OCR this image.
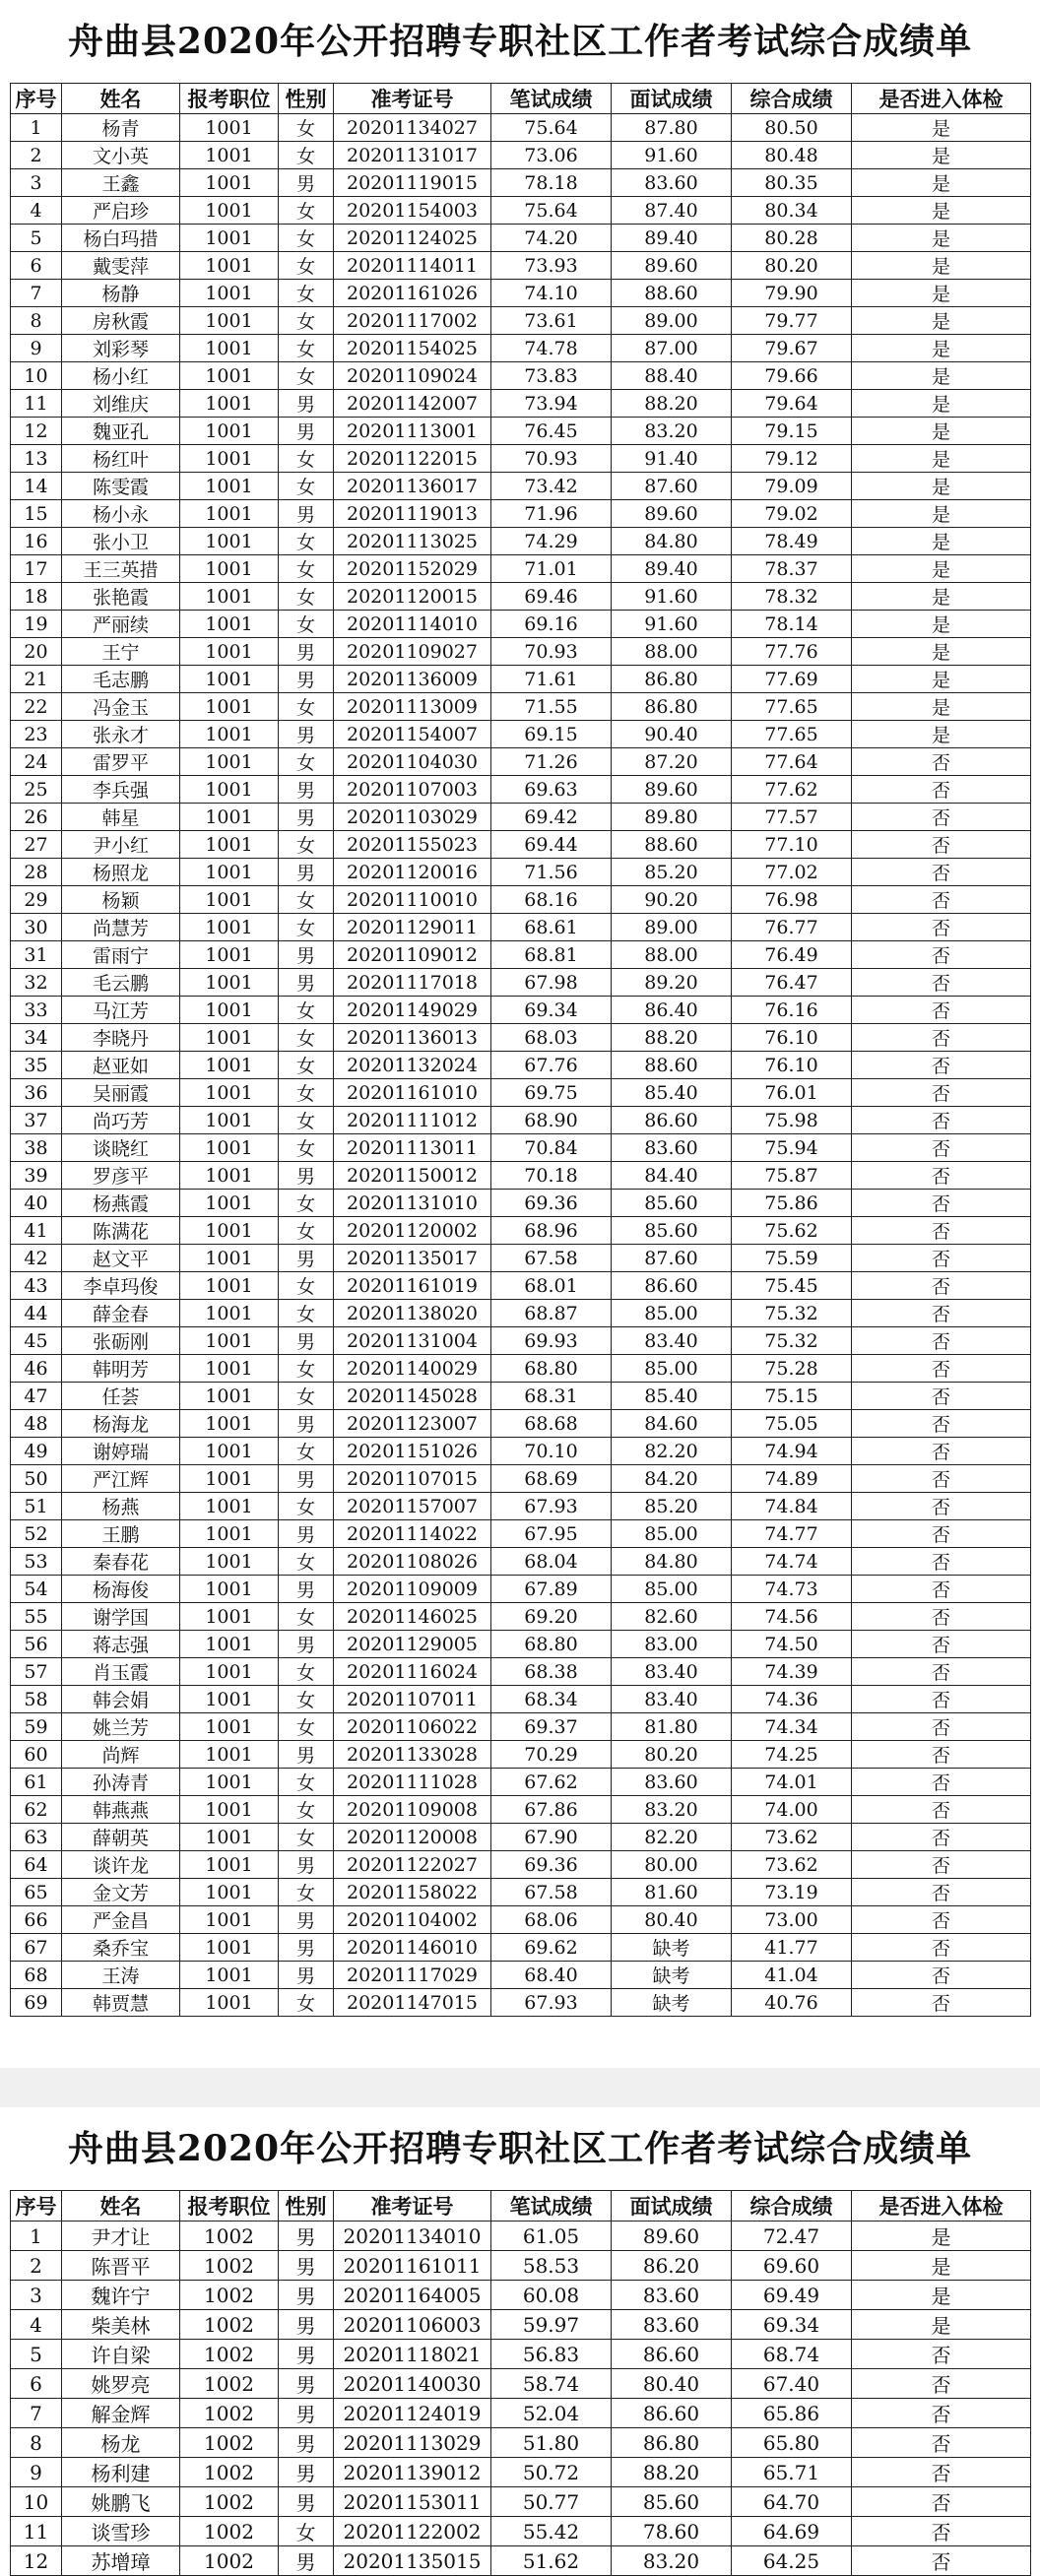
舟曲县2020年公开招聘专职社区工作者考试综合成绩单
序号	姓名	报考职位	性别	准考证号	笔试成绩	面试成绩	综合成绩	是否进入体检
1	杨青	1001	女	20201134027	75.64	87.80	80.50	是
2	文小英	1001	女	20201131017	73.06	91.60	80.48	是
3	王鑫	1001	男	20201119015	78.18	83.60	80.35	是
4	严启珍	1001	女	20201154003	75.64	87.40	80.34	是
5	杨白玛措	1001	女	20201124025	74.20	89.40	80.28	是
6	戴雯萍	1001	女	20201114011	73.93	89.60	80.20	是
7	杨静	1001	女	20201161026	74.10	88.60	79.90	是
8	房秋霞	1001	女	20201117002	73.61	89.00	79.77	是
9	刘彩琴	1001	女	20201154025	74.78	87.00	79.67	是
10	杨小红	1001	女	20201109024	73.83	88.40	79.66	是
11	刘维庆	1001	男	20201142007	73.94	88.20	79.64	是
12	魏亚孔	1001	男	20201113001	76.45	83.20	79.15	是
13	杨红叶	1001	女	20201122015	70.93	91.40	79.12	是
14	陈雯霞	1001	女	20201136017	73.42	87.60	79.09	是
15	杨小永	1001	男	20201119013	71.96	89.60	79.02	是
16	张小卫	1001	女	20201113025	74.29	84.80	78.49	是
17	王三英措	1001	女	20201152029	71.01	89.40	78.37	是
18	张艳霞	1001	女	20201120015	69.46	91.60	78.32	是
19	严丽续	1001	女	20201114010	69.16	91.60	78.14	是
20	王宁	1001	男	20201109027	70.93	88.00	77.76	是
21	毛志鹏	1001	男	20201136009	71.61	86.80	77.69	是
22	冯金玉	1001	女	20201113009	71.55	86.80	77.65	是
23	张永才	1001	男	20201154007	69.15	90.40	77.65	是
24	雷罗平	1001	女	20201104030	71.26	87.20	77.64	否
25	李兵强	1001	男	20201107003	69.63	89.60	77.62	否
26	韩星	1001	男	20201103029	69.42	89.80	77.57	否
27	尹小红	1001	女	20201155023	69.44	88.60	77.10	否
28	杨照龙	1001	男	20201120016	71.56	85.20	77.02	否
29	杨颖	1001	女	20201110010	68.16	90.20	76.98	否
30	尚慧芳	1001	女	20201129011	68.61	89.00	76.77	否
31	雷雨宁	1001	男	20201109012	68.81	88.00	76.49	否
32	毛云鹏	1001	男	20201117018	67.98	89.20	76.47	否
33	马江芳	1001	女	20201149029	69.34	86.40	76.16	否
34	李晓丹	1001	女	20201136013	68.03	88.20	76.10	否
35	赵亚如	1001	女	20201132024	67.76	88.60	76.10	否
36	吴丽霞	1001	女	20201161010	69.75	85.40	76.01	否
37	尚巧芳	1001	女	20201111012	68.90	86.60	75.98	否
38	谈晓红	1001	女	20201113011	70.84	83.60	75.94	否
39	罗彦平	1001	男	20201150012	70.18	84.40	75.87	否
40	杨燕霞	1001	女	20201131010	69.36	85.60	75.86	否
41	陈满花	1001	女	20201120002	68.96	85.60	75.62	否
42	赵文平	1001	男	20201135017	67.58	87.60	75.59	否
43	李卓玛俊	1001	女	20201161019	68.01	86.60	75.45	否
44	薛金春	1001	女	20201138020	68.87	85.00	75.32	否
45	张砺刚	1001	男	20201131004	69.93	83.40	75.32	否
46	韩明芳	1001	女	20201140029	68.80	85.00	75.28	否
47	任荟	1001	女	20201145028	68.31	85.40	75.15	否
48	杨海龙	1001	男	20201123007	68.68	84.60	75.05	否
49	谢婷瑞	1001	女	20201151026	70.10	82.20	74.94	否
50	严江辉	1001	男	20201107015	68.69	84.20	74.89	否
51	杨燕	1001	女	20201157007	67.93	85.20	74.84	否
52	王鹏	1001	男	20201114022	67.95	85.00	74.77	否
53	秦春花	1001	女	20201108026	68.04	84.80	74.74	否
54	杨海俊	1001	男	20201109009	67.89	85.00	74.73	否
55	谢学国	1001	女	20201146025	69.20	82.60	74.56	否
56	蒋志强	1001	男	20201129005	68.80	83.00	74.50	否
57	肖玉霞	1001	女	20201116024	68.38	83.40	74.39	否
58	韩会娟	1001	女	20201107011	68.34	83.40	74.36	否
59	姚兰芳	1001	女	20201106022	69.37	81.80	74.34	否
60	尚辉	1001	男	20201133028	70.29	80.20	74.25	否
61	孙涛青	1001	女	20201111028	67.62	83.60	74.01	否
62	韩燕燕	1001	女	20201109008	67.86	83.20	74.00	否
63	薛朝英	1001	女	20201120008	67.90	82.20	73.62	否
64	谈许龙	1001	男	20201122027	69.36	80.00	73.62	否
65	金文芳	1001	女	20201158022	67.58	81.60	73.19	否
66	严金昌	1001	男	20201104002	68.06	80.40	73.00	否
67	桑乔宝	1001	男	20201146010	69.62	缺考	41.77	否
68	王涛	1001	男	20201117029	68.40	缺考	41.04	否
69	韩贾慧	1001	女	20201147015	67.93	缺考	40.76	否
舟曲县2020年公开招聘专职社区工作者考试综合成绩单
序号	姓名	报考职位	性别	准考证号	笔试成绩	面试成绩	综合成绩	是否进入体检
1	尹才让	1002	男	20201134010	61.05	89.60	72.47	是
2	陈晋平	1002	男	20201161011	58.53	86.20	69.60	是
3	魏许宁	1002	男	20201164005	60.08	83.60	69.49	是
4	柴美林	1002	男	20201106003	59.97	83.60	69.34	是
5	许自梁	1002	男	20201118021	56.83	86.60	68.74	否
6	姚罗亮	1002	男	20201140030	58.74	80.40	67.40	否
7	解金辉	1002	男	20201124019	52.04	86.60	65.86	否
8	杨龙	1002	男	20201113029	51.80	86.80	65.80	否
9	杨利建	1002	男	20201139012	50.72	88.20	65.71	否
10	姚鹏飞	1002	男	20201153011	50.77	85.60	64.70	否
11	谈雪珍	1002	女	20201122002	55.42	78.60	64.69	否
12	苏增璋	1002	男	20201135015	51.62	83.20	64.25	否
